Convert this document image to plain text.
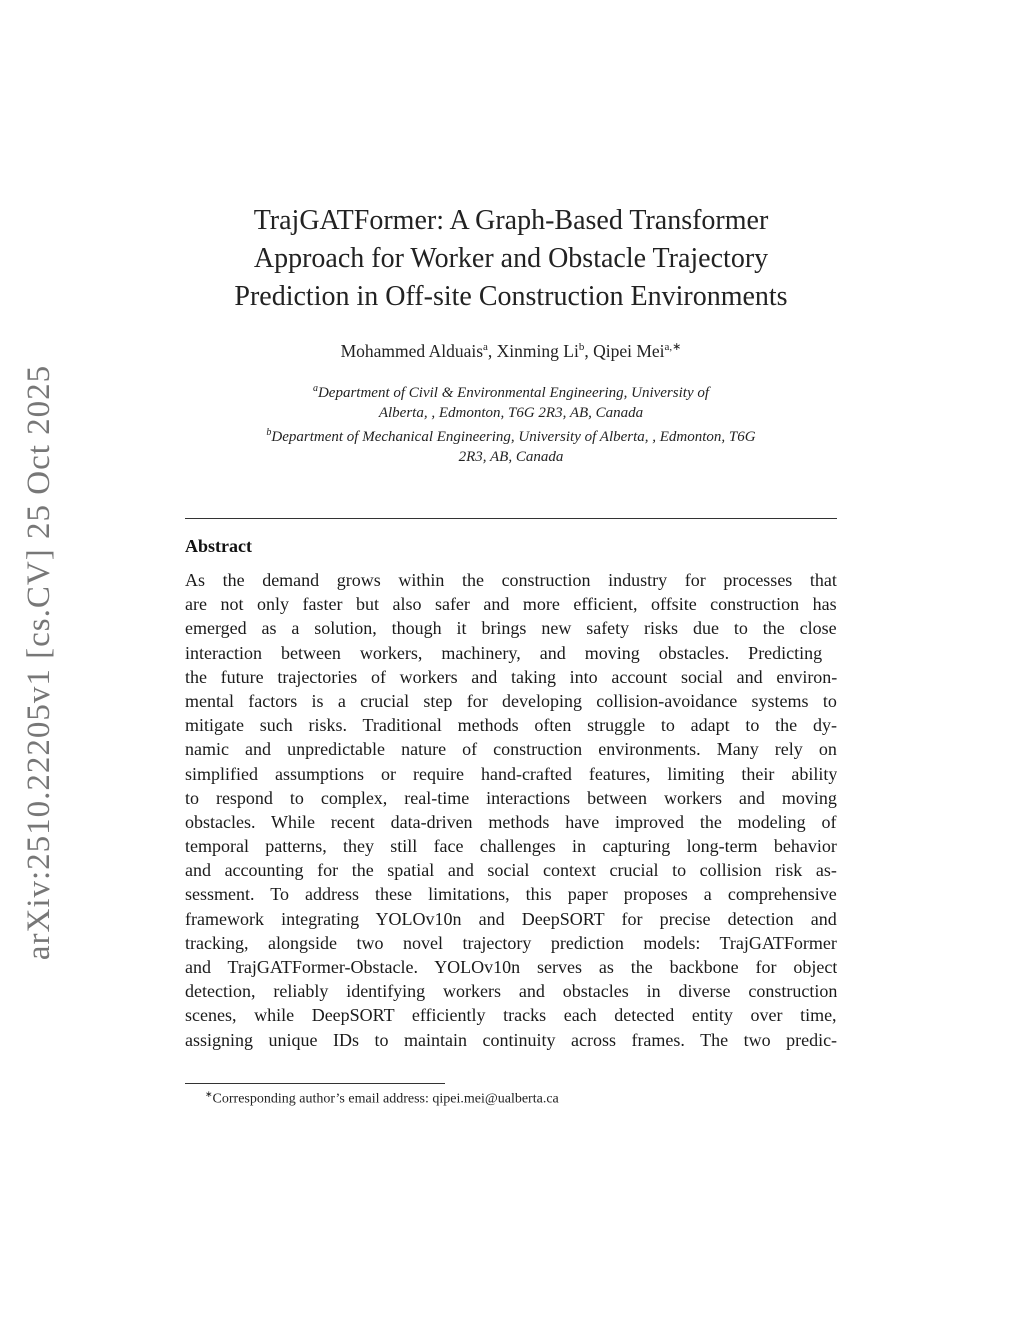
arXiv:2510.22205v1 [cs.CV] 25 Oct 2025
TrajGATFormer: A Graph-Based Transformer
Approach for Worker and Obstacle Trajectory
Prediction in Off-site Construction Environments
Mohammed Alduais$^a$, Xinming Li$^b$, Qipei Mei$^{a,∗}$
$^a$Department of Civil & Environmental Engineering, University of
Alberta, , Edmonton, T6G 2R3, AB, Canada
$^b$Department of Mechanical Engineering, University of Alberta, , Edmonton, T6G
2R3, AB, Canada
Abstract
As the demand grows within the construction industry for processes that
are not only faster but also safer and more efficient, offsite construction has
emerged as a solution, though it brings new safety risks due to the close
interaction between workers, machinery, and moving obstacles. Predicting
the future trajectories of workers and taking into account social and environ-
mental factors is a crucial step for developing collision-avoidance systems to
mitigate such risks. Traditional methods often struggle to adapt to the dy-
namic and unpredictable nature of construction environments. Many rely on
simplified assumptions or require hand-crafted features, limiting their ability
to respond to complex, real-time interactions between workers and moving
obstacles. While recent data-driven methods have improved the modeling of
temporal patterns, they still face challenges in capturing long-term behavior
and accounting for the spatial and social context crucial to collision risk as-
sessment. To address these limitations, this paper proposes a comprehensive
framework integrating YOLOv10n and DeepSORT for precise detection and
tracking, alongside two novel trajectory prediction models: TrajGATFormer
and TrajGATFormer-Obstacle. YOLOv10n serves as the backbone for object
detection, reliably identifying workers and obstacles in diverse construction
scenes, while DeepSORT efficiently tracks each detected entity over time,
assigning unique IDs to maintain continuity across frames. The two predic-
∗Corresponding author’s email address: qipei.mei@ualberta.ca
